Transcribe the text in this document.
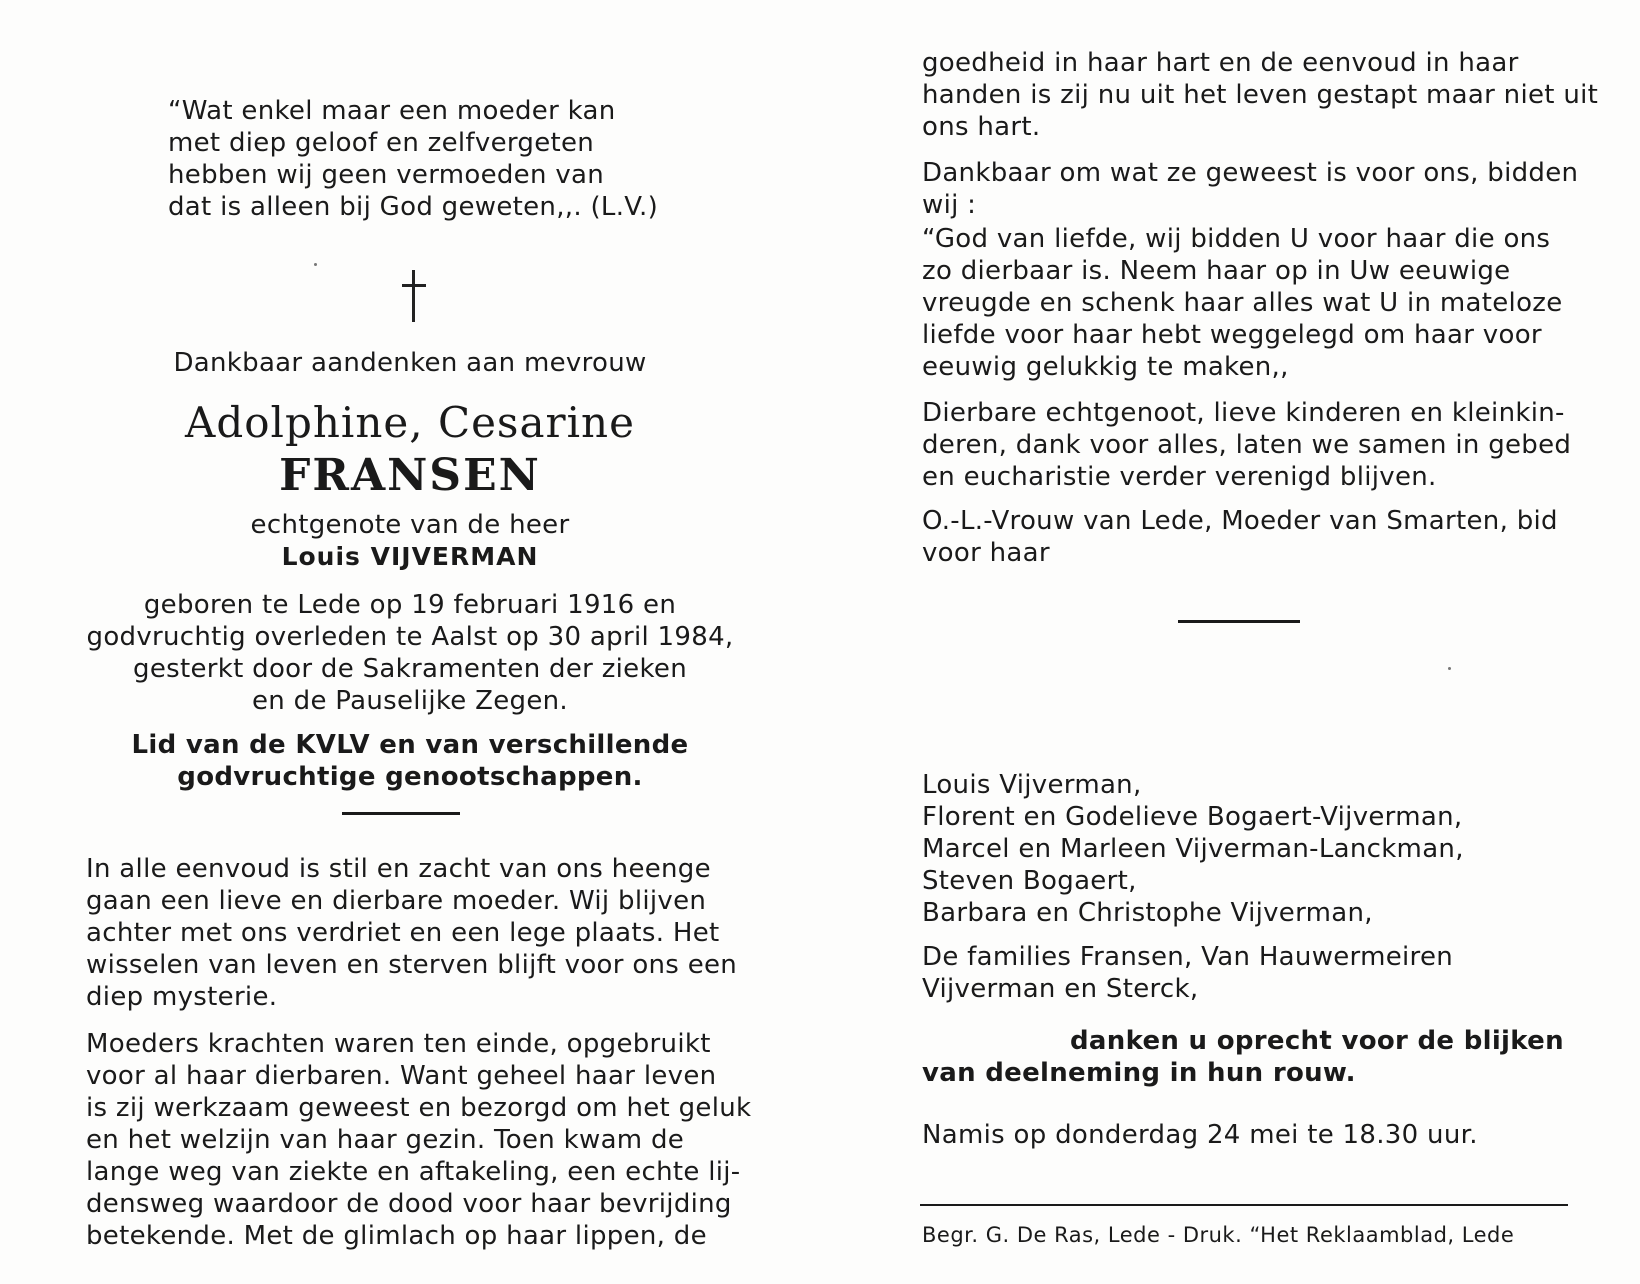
“Wat enkel maar een moeder kan
met diep geloof en zelfvergeten
hebben wij geen vermoeden van
dat is alleen bij God geweten,,. (L.V.)
Dankbaar aandenken aan mevrouw
Adolphine, Cesarine
FRANSEN
echtgenote van de heer
Louis VIJVERMAN
geboren te Lede op 19 februari 1916 en
godvruchtig overleden te Aalst op 30 april 1984,
gesterkt door de Sakramenten der zieken
en de Pauselijke Zegen.
Lid van de KVLV en van verschillende
godvruchtige genootschappen.
In alle eenvoud is stil en zacht van ons heenge
gaan een lieve en dierbare moeder. Wij blijven
achter met ons verdriet en een lege plaats. Het
wisselen van leven en sterven blijft voor ons een
diep mysterie.
Moeders krachten waren ten einde, opgebruikt
voor al haar dierbaren. Want geheel haar leven
is zij werkzaam geweest en bezorgd om het geluk
en het welzijn van haar gezin. Toen kwam de
lange weg van ziekte en aftakeling, een echte lij-
densweg waardoor de dood voor haar bevrijding
betekende. Met de glimlach op haar lippen, de
goedheid in haar hart en de eenvoud in haar
handen is zij nu uit het leven gestapt maar niet uit
ons hart.
Dankbaar om wat ze geweest is voor ons, bidden
wij :
“God van liefde, wij bidden U voor haar die ons
zo dierbaar is. Neem haar op in Uw eeuwige
vreugde en schenk haar alles wat U in mateloze
liefde voor haar hebt weggelegd om haar voor
eeuwig gelukkig te maken,,
Dierbare echtgenoot, lieve kinderen en kleinkin-
deren, dank voor alles, laten we samen in gebed
en eucharistie verder verenigd blijven.
O.-L.-Vrouw van Lede, Moeder van Smarten, bid
voor haar
Louis Vijverman,
Florent en Godelieve Bogaert-Vijverman,
Marcel en Marleen Vijverman-Lanckman,
Steven Bogaert,
Barbara en Christophe Vijverman,
De families Fransen, Van Hauwermeiren
Vijverman en Sterck,
danken u oprecht voor de blijken
van deelneming in hun rouw.
Namis op donderdag 24 mei te 18.30 uur.
Begr. G. De Ras, Lede - Druk. “Het Reklaamblad, Lede
